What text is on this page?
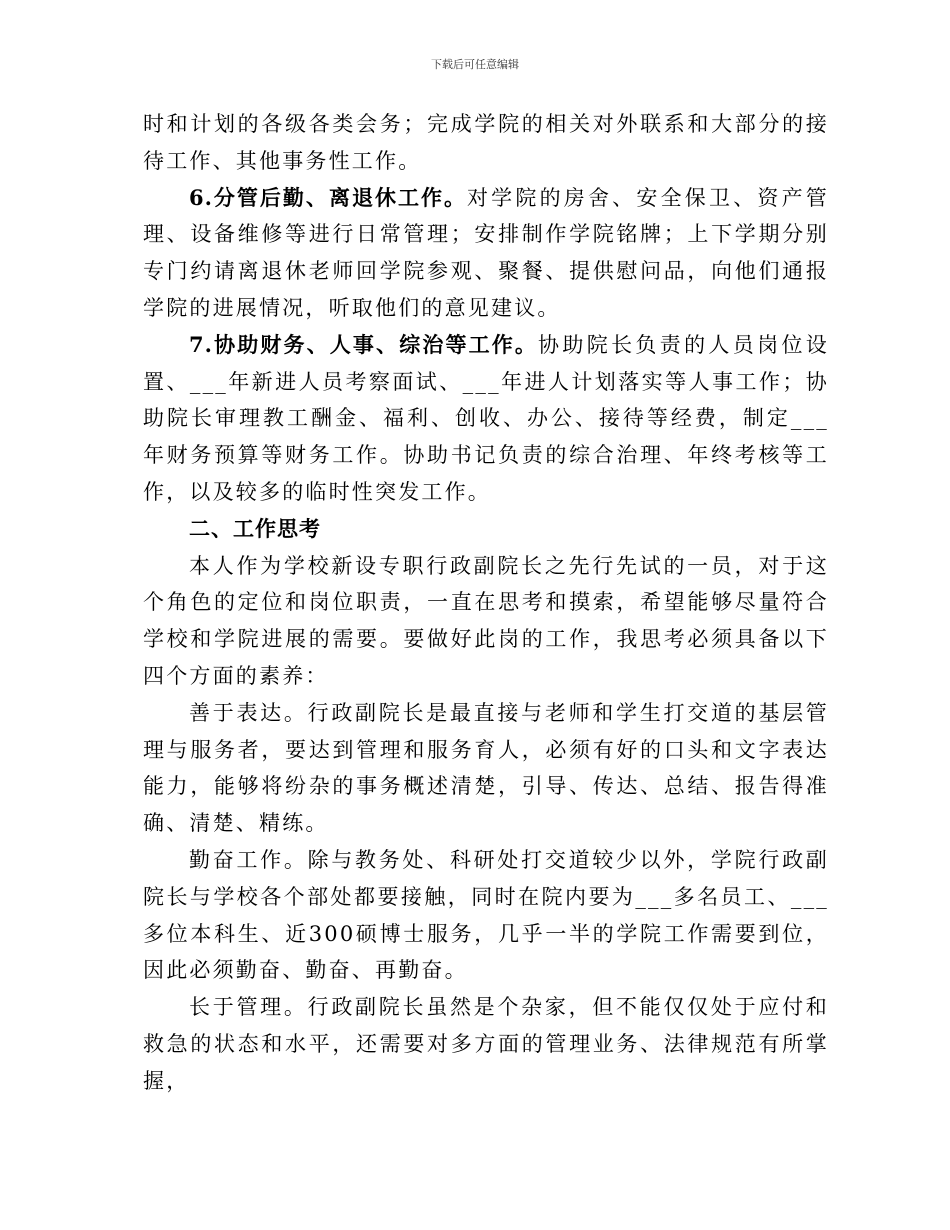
下载后可任意编辑

时和计划的各级各类会务；完成学院的相关对外联系和大部分的接待工作、其他事务性工作。

6.分管后勤、离退休工作。对学院的房舍、安全保卫、资产管理、设备维修等进行日常管理；安排制作学院铭牌；上下学期分别专门约请离退休老师回学院参观、聚餐、提供慰问品，向他们通报学院的进展情况，听取他们的意见建议。

7.协助财务、人事、综治等工作。协助院长负责的人员岗位设置、___年新进人员考察面试、___年进人计划落实等人事工作；协助院长审理教工酬金、福利、创收、办公、接待等经费，制定___年财务预算等财务工作。协助书记负责的综合治理、年终考核等工作，以及较多的临时性突发工作。

二、工作思考

本人作为学校新设专职行政副院长之先行先试的一员，对于这个角色的定位和岗位职责，一直在思考和摸索，希望能够尽量符合学校和学院进展的需要。要做好此岗的工作，我思考必须具备以下四个方面的素养：

善于表达。行政副院长是最直接与老师和学生打交道的基层管理与服务者，要达到管理和服务育人，必须有好的口头和文字表达能力，能够将纷杂的事务概述清楚，引导、传达、总结、报告得准确、清楚、精练。

勤奋工作。除与教务处、科研处打交道较少以外，学院行政副院长与学校各个部处都要接触，同时在院内要为___多名员工、___多位本科生、近300硕博士服务，几乎一半的学院工作需要到位，因此必须勤奋、勤奋、再勤奋。

长于管理。行政副院长虽然是个杂家，但不能仅仅处于应付和救急的状态和水平，还需要对多方面的管理业务、法律规范有所掌握，
